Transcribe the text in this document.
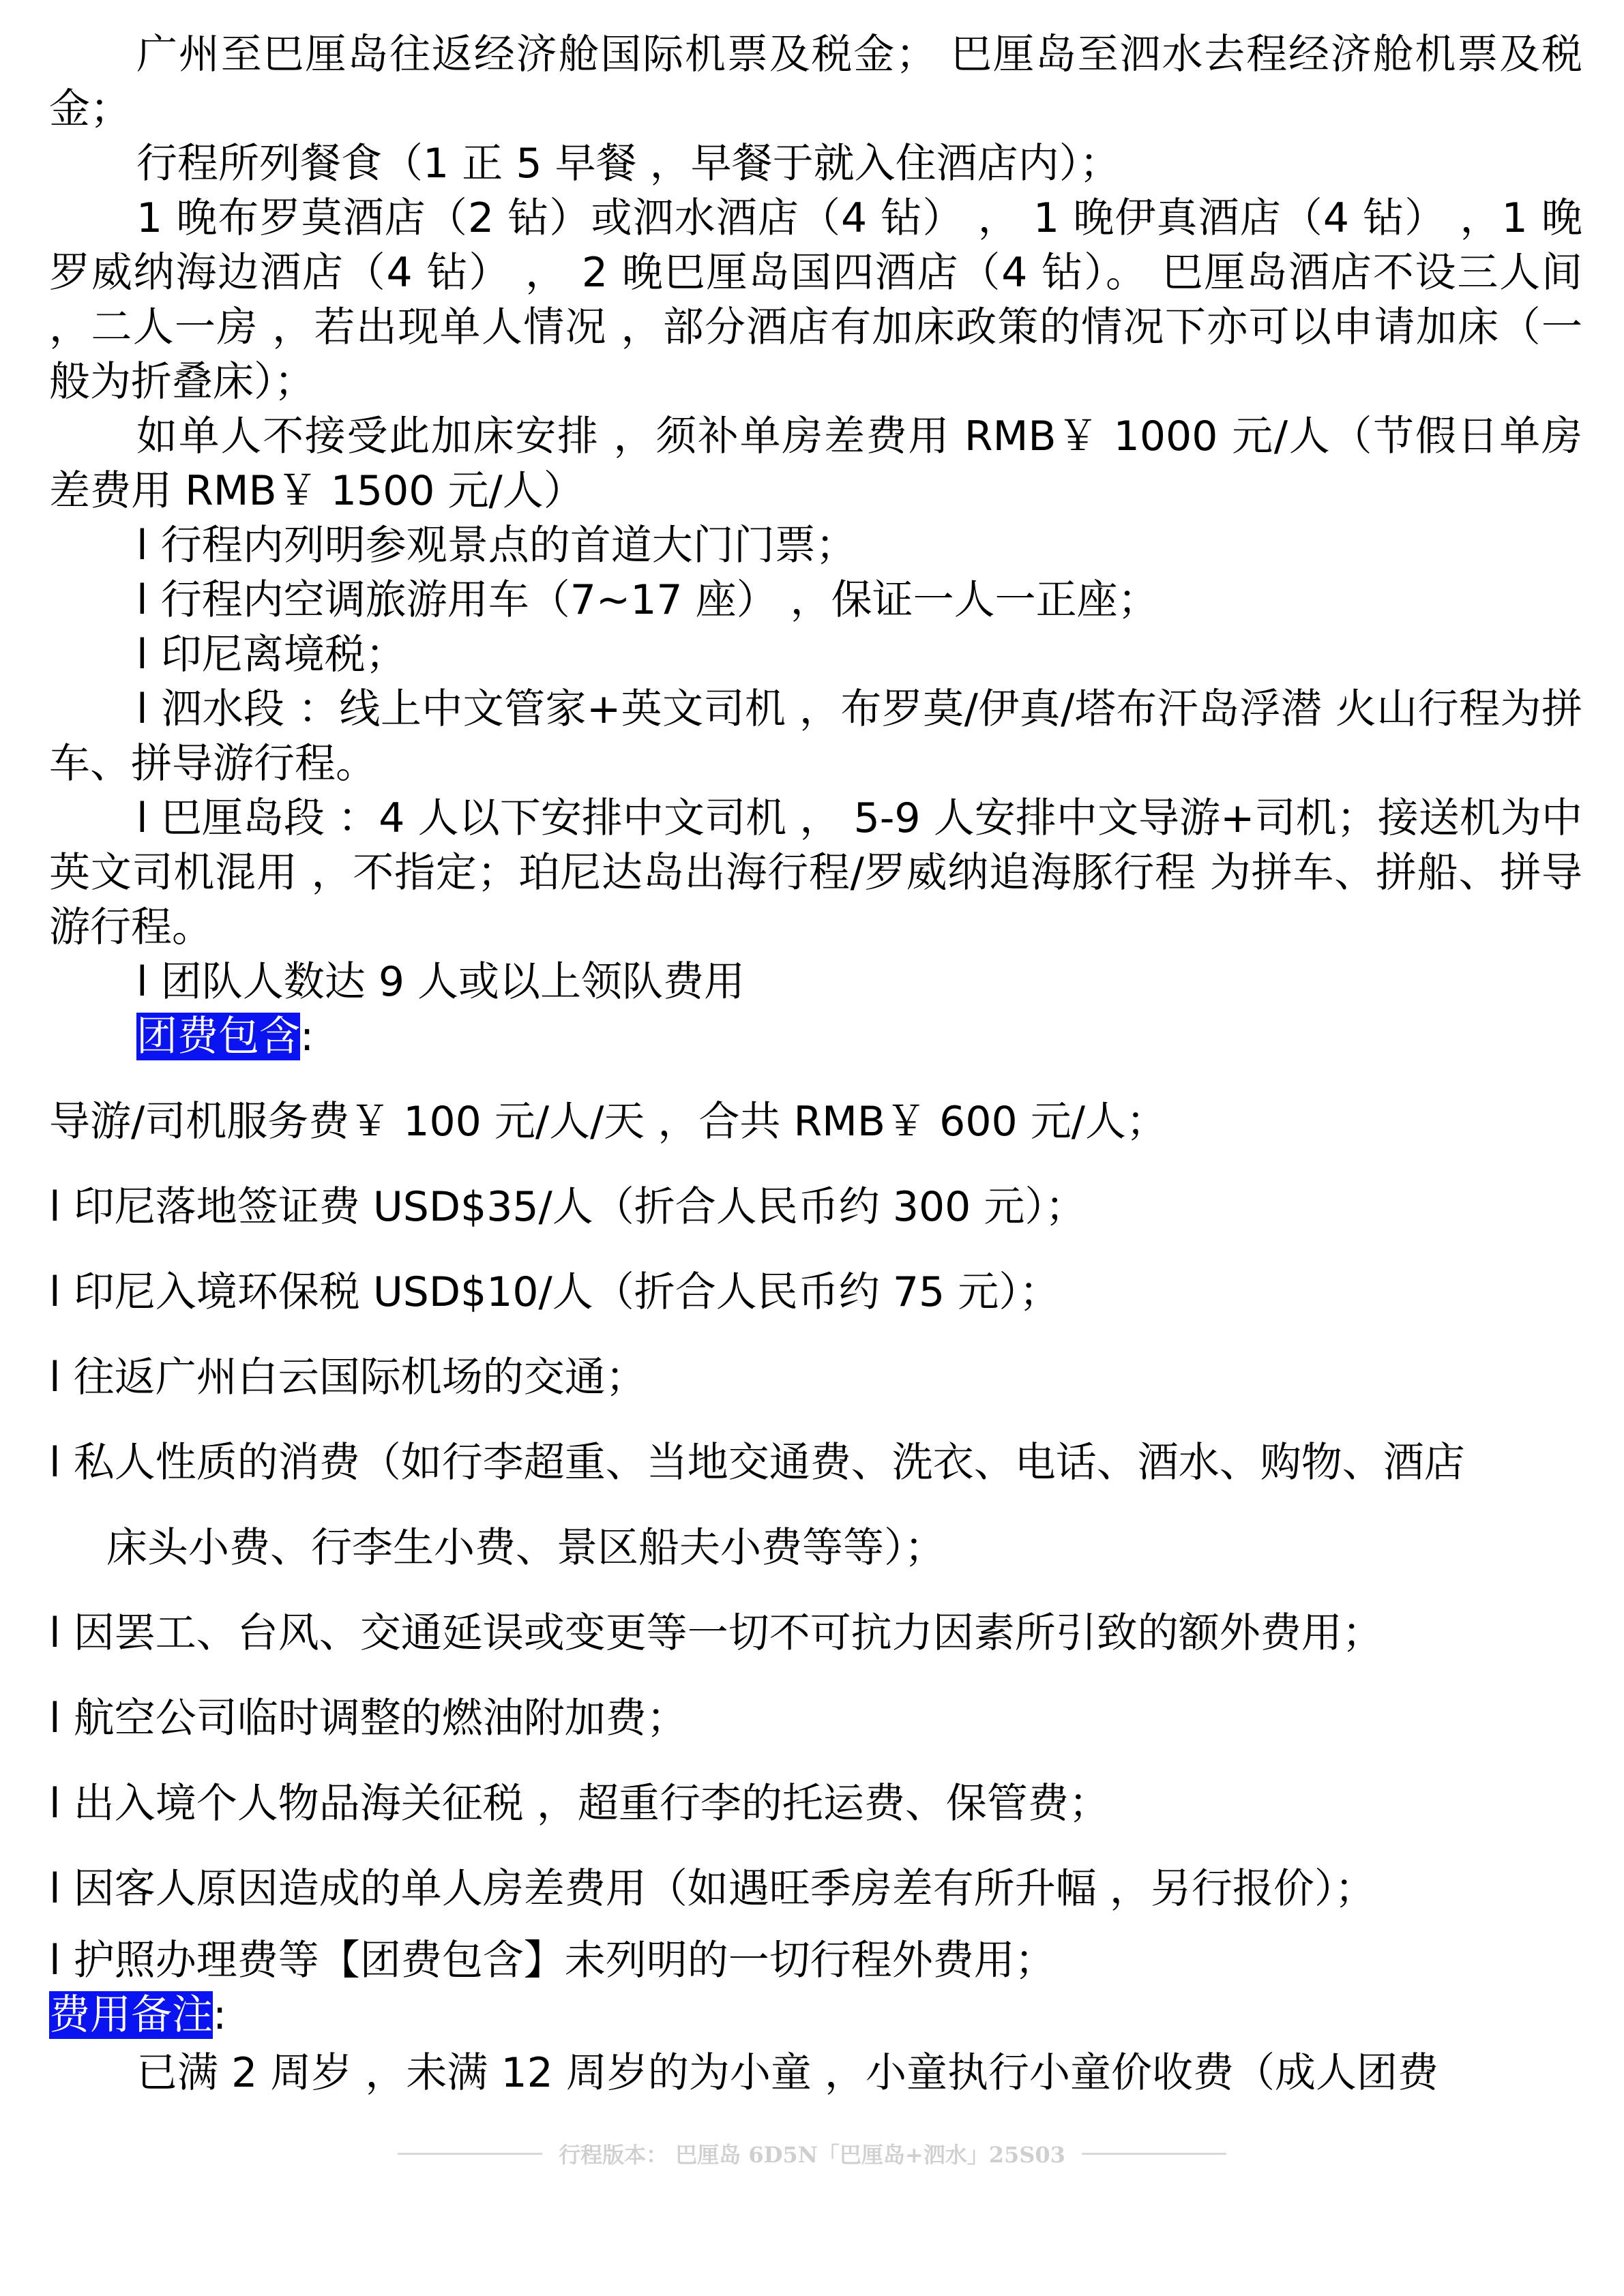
广州至巴厘岛往返经济舱国际机票及税金； 巴厘岛至泗水去程经济舱机票及税金；
行程所列餐食（1 正 5 早餐 ，早餐于就入住酒店内）；
1 晚布罗莫酒店（2 钻）或泗水酒店（4 钻） ， 1 晚伊真酒店（4 钻） ，1 晚罗威纳海边酒店（4 钻） ， 2 晚巴厘岛国四酒店（4 钻）。 巴厘岛酒店不设三人间 ，二人一房 ，若出现单人情况 ，部分酒店有加床政策的情况下亦可以申请加床（一般为折叠床）；
如单人不接受此加床安排 ，须补单房差费用 RMB￥ 1000 元/人（节假日单房差费用 RMB￥ 1500 元/人）
l 行程内列明参观景点的首道大门门票；
l 行程内空调旅游用车（7~17 座） ，保证一人一正座；
l 印尼离境税；
l 泗水段 ：线上中文管家+英文司机 ，布罗莫/伊真/塔布汗岛浮潜 火山行程为拼车、拼导游行程。
l 巴厘岛段 ：4 人以下安排中文司机 ， 5-9 人安排中文导游+司机；接送机为中英文司机混用 ，不指定；珀尼达岛出海行程/罗威纳追海豚行程 为拼车、拼船、拼导游行程。
l 团队人数达 9 人或以上领队费用
团费包含:
导游/司机服务费￥ 100 元/人/天 ，合共 RMB￥ 600 元/人；
l 印尼落地签证费 USD$35/人（折合人民币约 300 元）；
l 印尼入境环保税 USD$10/人（折合人民币约 75 元）；
l 往返广州白云国际机场的交通；
l 私人性质的消费（如行李超重、当地交通费、洗衣、电话、酒水、购物、酒店
床头小费、行李生小费、景区船夫小费等等）；
l 因罢工、台风、交通延误或变更等一切不可抗力因素所引致的额外费用；
l 航空公司临时调整的燃油附加费；
l 出入境个人物品海关征税 ，超重行李的托运费、保管费；
l 因客人原因造成的单人房差费用（如遇旺季房差有所升幅 ，另行报价）；
l 护照办理费等【团费包含】未列明的一切行程外费用；
费用备注:
已满 2 周岁 ，未满 12 周岁的为小童 ，小童执行小童价收费（成人团费
行程版本： 巴厘岛 6D5N「巴厘岛+泗水」25S03
